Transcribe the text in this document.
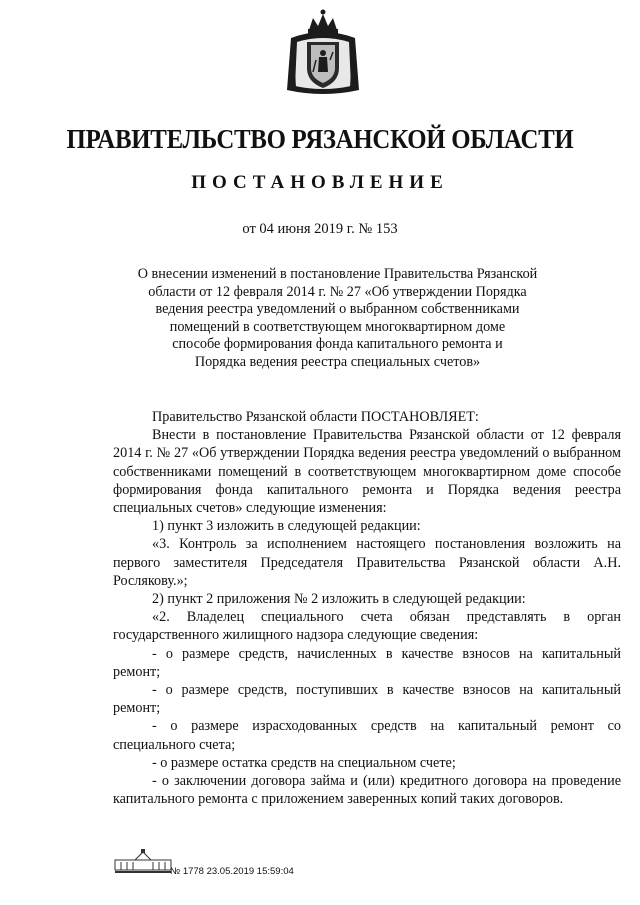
ПРАВИТЕЛЬСТВО РЯЗАНСКОЙ ОБЛАСТИ
ПОСТАНОВЛЕНИЕ
от 04 июня 2019 г. № 153
О внесении изменений в постановление Правительства Рязанской
области от 12 февраля 2014 г. № 27 «Об утверждении Порядка
ведения реестра уведомлений о выбранном собственниками
помещений в соответствующем многоквартирном доме
способе формирования фонда капитального ремонта и
Порядка ведения реестра специальных счетов»

Правительство Рязанской области ПОСТАНОВЛЯЕТ:

Внести в постановление Правительства Рязанской области от 12 февраля 2014 г. № 27 «Об утверждении Порядка ведения реестра уведомлений о выбранном собственниками помещений в соответствующем многоквартирном доме способе формирования фонда капитального ремонта и Порядка ведения реестра специальных счетов» следующие изменения:

1) пункт 3 изложить в следующей редакции:

«3. Контроль за исполнением настоящего постановления возложить на первого заместителя Председателя Правительства Рязанской области А.Н. Рослякову.»;

2) пункт 2 приложения № 2 изложить в следующей редакции:

«2. Владелец специального счета обязан представлять в орган государственного жилищного надзора следующие сведения:

- о размере средств, начисленных в качестве взносов на капитальный ремонт;

- о размере средств, поступивших в качестве взносов на капитальный ремонт;

- о размере израсходованных средств на капитальный ремонт со специального счета;

- о размере остатка средств на специальном счете;

- о заключении договора займа и (или) кредитного договора на проведение капитального ремонта с приложением заверенных копий таких договоров.

№ 1778 23.05.2019 15:59:04
